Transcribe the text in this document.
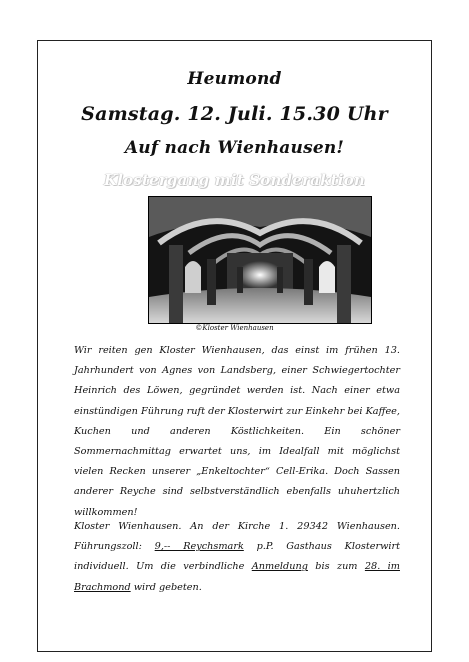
Heumond
Samstag. 12. Juli. 15.30 Uhr
Auf nach Wienhausen!
Klostergang mit Sonderaktion
©Kloster Wienhausen
Wir reiten gen Kloster Wienhausen, das einst im frühen 13. Jahrhundert von Agnes von Landsberg, einer Schwiegertochter Heinrich des Löwen, gegründet werden ist. Nach einer etwa einstündigen Führung ruft der Klosterwirt zur Einkehr bei Kaffee, Kuchen und anderen Köstlichkeiten. Ein schöner Sommernachmittag erwartet uns, im Idealfall mit möglichst vielen Recken unserer „Enkeltochter“ Cell-Erika. Doch Sassen anderer Reyche sind selbstverständlich ebenfalls uhuhertzlich willkommen!
Kloster Wienhausen. An der Kirche 1. 29342 Wienhausen. Führungszoll: 9,-- Reychsmark p.P. Gasthaus Klosterwirt individuell. Um die verbindliche Anmeldung bis zum 28. im Brachmond wird gebeten.
